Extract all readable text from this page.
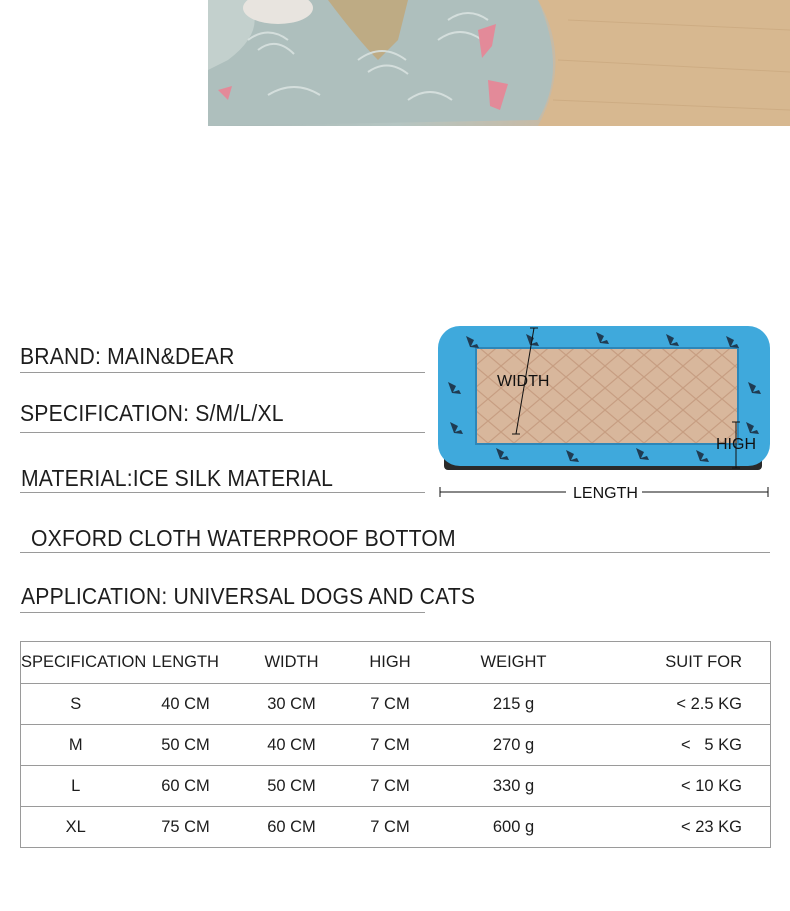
BRAND: MAIN&DEAR
SPECIFICATION: S/M/L/XL
MATERIAL:ICE SILK MATERIAL
OXFORD CLOTH WATERPROOF BOTTOM
APPLICATION: UNIVERSAL DOGS AND CATS
WIDTH
HIGH
LENGTH
SPECIFICATION	LENGTH	WIDTH	HIGH	WEIGHT	SUIT FOR
S	40 CM	30 CM	7 CM	215 g	< 2.5 KG
M	50 CM	40 CM	7 CM	270 g	<   5 KG
L	60 CM	50 CM	7 CM	330 g	< 10 KG
XL	75 CM	60 CM	7 CM	600 g	< 23 KG
